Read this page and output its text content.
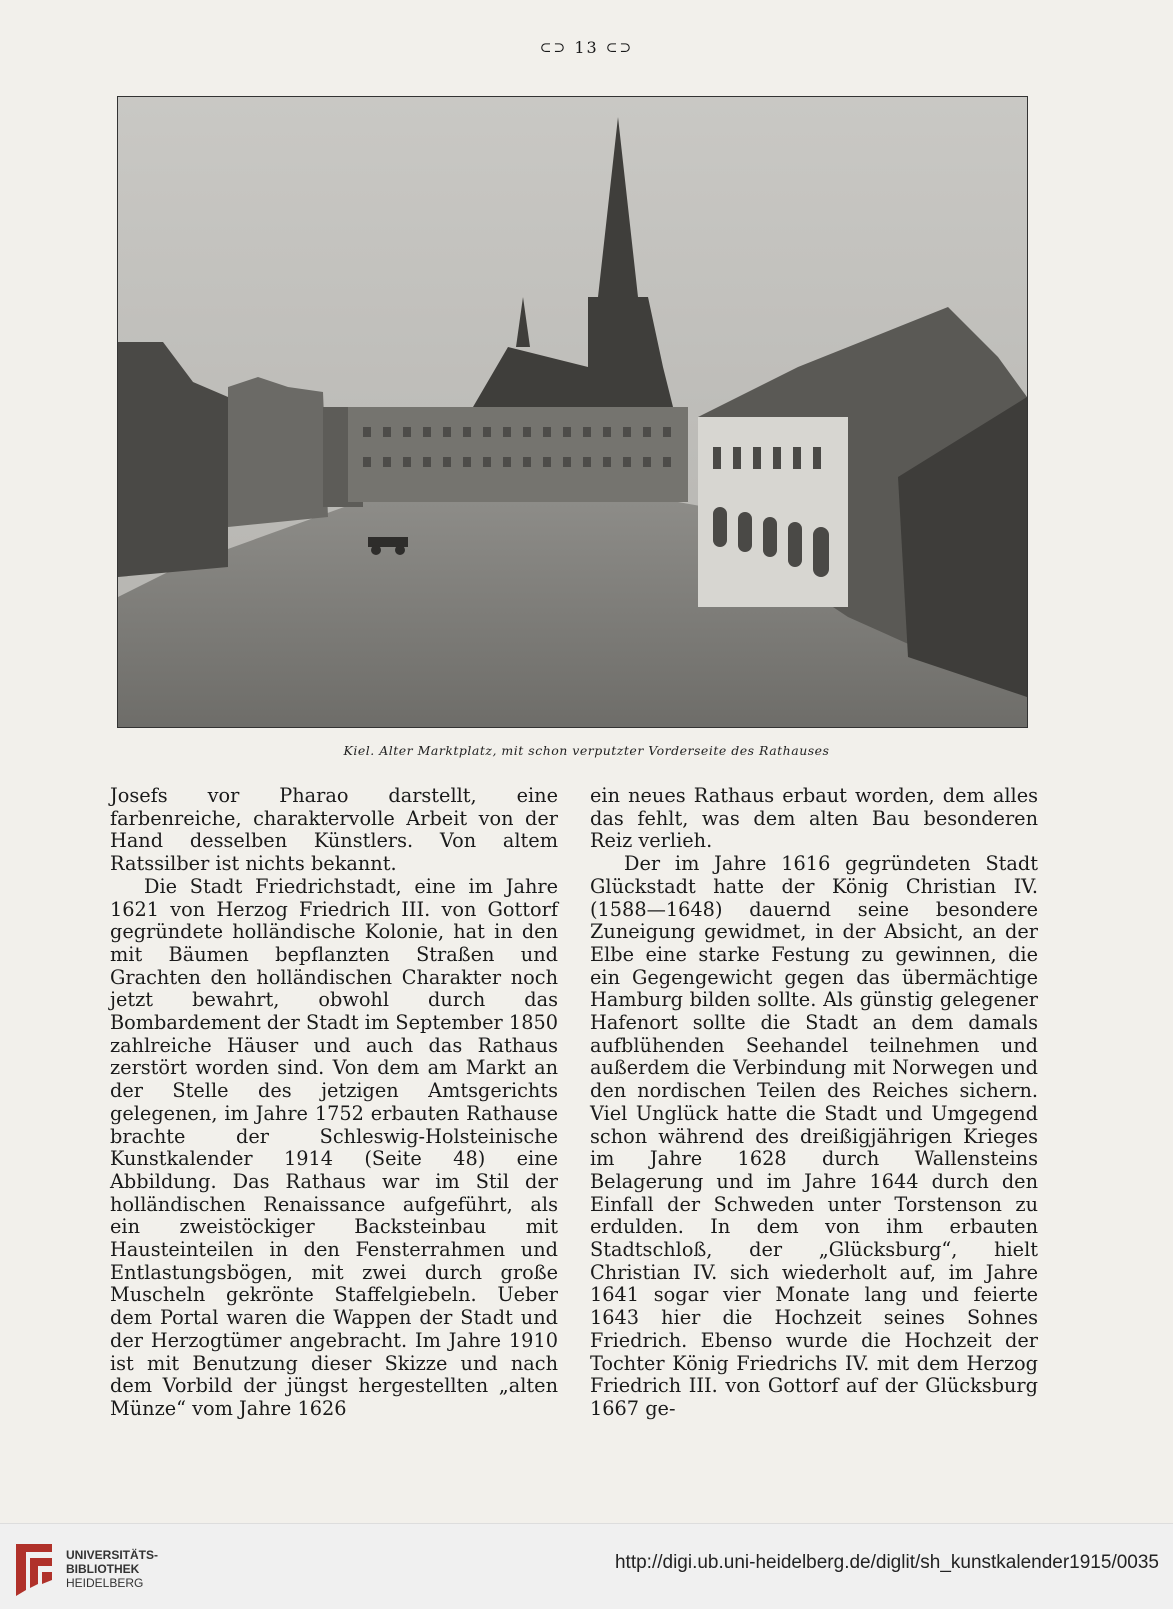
⊂⊃ 13 ⊂⊃
Kiel. Alter Marktplatz, mit schon verputzter Vorderseite des Rathauses

Josefs vor Pharao darstellt, eine farbenreiche, charaktervolle Arbeit von der Hand desselben Künstlers. Von altem Ratssilber ist nichts bekannt.

Die Stadt Friedrichstadt, eine im Jahre 1621 von Herzog Friedrich III. von Gottorf gegründete holländische Kolonie, hat in den mit Bäumen bepflanzten Straßen und Grachten den holländischen Charakter noch jetzt bewahrt, obwohl durch das Bombardement der Stadt im September 1850 zahlreiche Häuser und auch das Rathaus zerstört worden sind. Von dem am Markt an der Stelle des jetzigen Amtsgerichts gelegenen, im Jahre 1752 erbauten Rathause brachte der Schleswig-Holsteinische Kunstkalender 1914 (Seite 48) eine Abbildung. Das Rathaus war im Stil der holländischen Renaissance aufgeführt, als ein zweistöckiger Backsteinbau mit Hausteinteilen in den Fensterrahmen und Entlastungsbögen, mit zwei durch große Muscheln gekrönte Staffelgiebeln. Ueber dem Portal waren die Wappen der Stadt und der Herzogtümer angebracht. Im Jahre 1910 ist mit Benutzung dieser Skizze und nach dem Vorbild der jüngst hergestellten „alten Münze“ vom Jahre 1626

ein neues Rathaus erbaut worden, dem alles das fehlt, was dem alten Bau besonderen Reiz verlieh.

Der im Jahre 1616 gegründeten Stadt Glückstadt hatte der König Christian IV. (1588—1648) dauernd seine besondere Zuneigung gewidmet, in der Absicht, an der Elbe eine starke Festung zu gewinnen, die ein Gegengewicht gegen das übermächtige Hamburg bilden sollte. Als günstig gelegener Hafenort sollte die Stadt an dem damals aufblühenden Seehandel teilnehmen und außerdem die Verbindung mit Norwegen und den nordischen Teilen des Reiches sichern. Viel Unglück hatte die Stadt und Umgegend schon während des dreißigjährigen Krieges im Jahre 1628 durch Wallensteins Belagerung und im Jahre 1644 durch den Einfall der Schweden unter Torstenson zu erdulden. In dem von ihm erbauten Stadtschloß, der „Glücksburg“, hielt Christian IV. sich wiederholt auf, im Jahre 1641 sogar vier Monate lang und feierte 1643 hier die Hochzeit seines Sohnes Friedrich. Ebenso wurde die Hochzeit der Tochter König Friedrichs IV. mit dem Herzog Friedrich III. von Gottorf auf der Glücksburg 1667 ge-

UNIVERSITÄTS-
BIBLIOTHEK
HEIDELBERG
http://digi.ub.uni-heidelberg.de/diglit/sh_kunstkalender1915/0035
